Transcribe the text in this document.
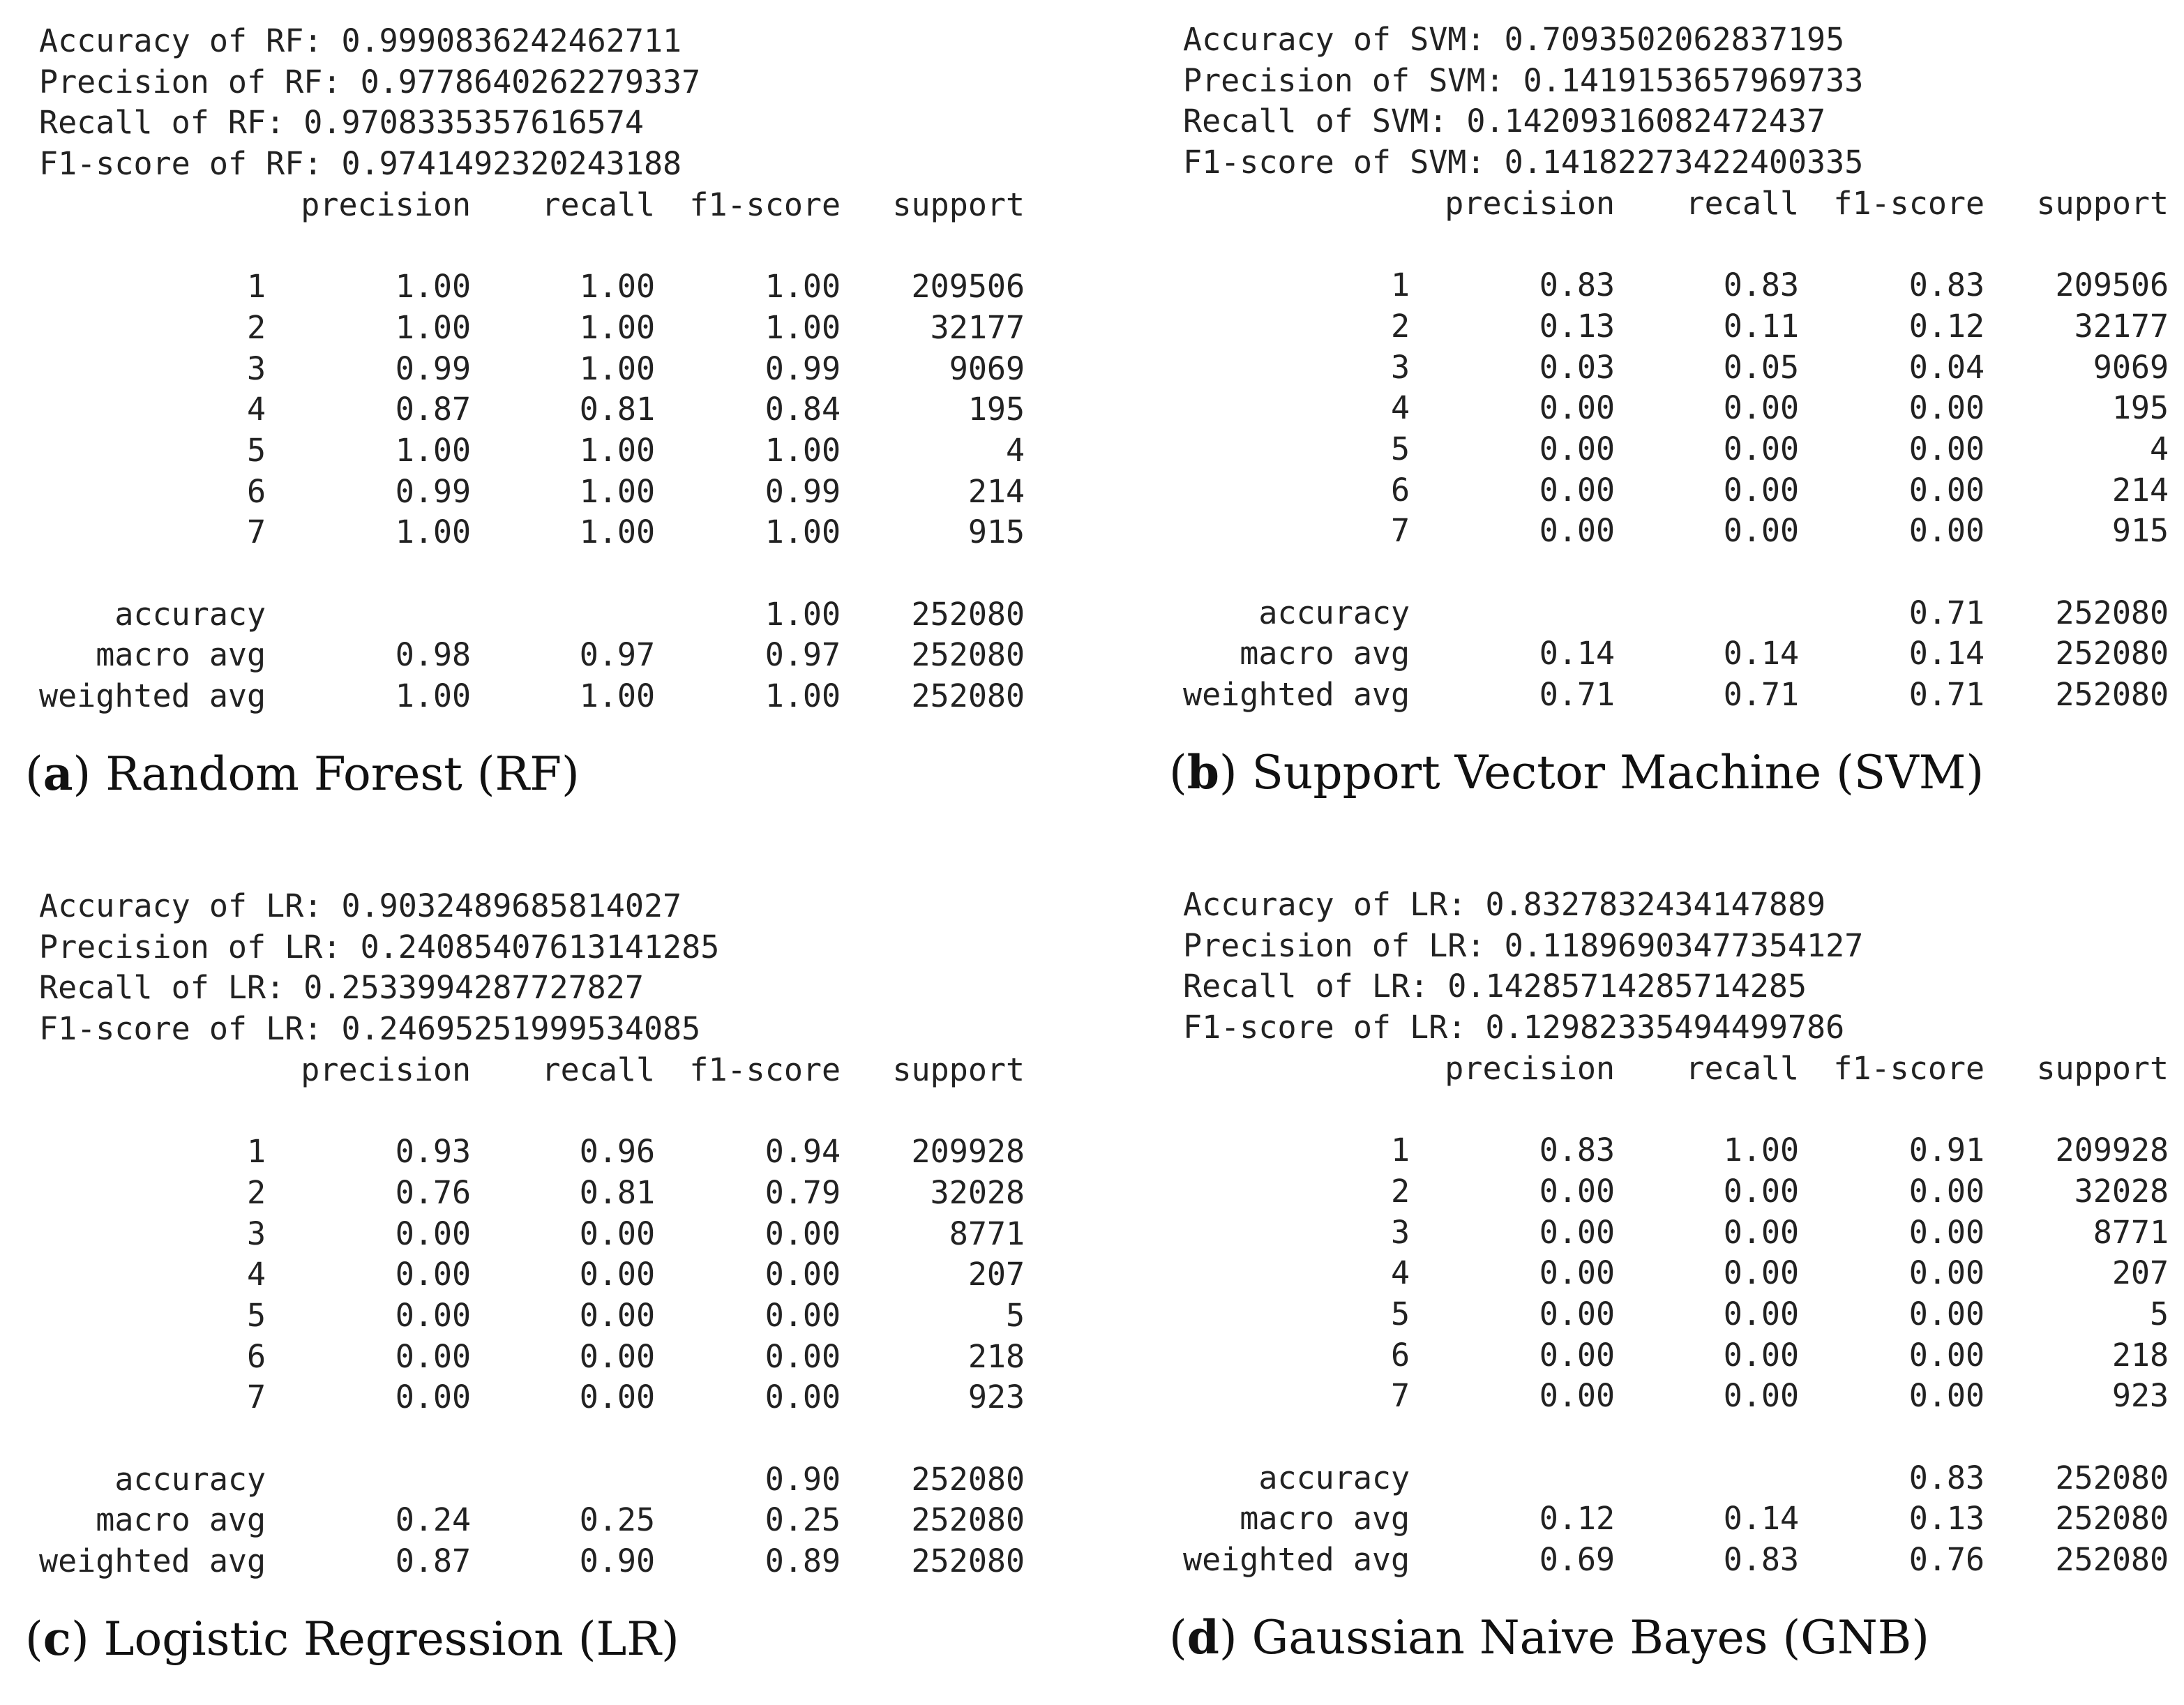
Accuracy of RF: 0.9990836242462711
Precision of RF: 0.9778640262279337
Recall of RF: 0.9708335357616574
F1-score of RF: 0.9741492320243188
	precision	recall	f1-score	support

1	1.00	1.00	1.00	209506
2	1.00	1.00	1.00	32177
3	0.99	1.00	0.99	9069
4	0.87	0.81	0.84	195
5	1.00	1.00	1.00	4
6	0.99	1.00	0.99	214
7	1.00	1.00	1.00	915

accuracy			1.00	252080
macro avg	0.98	0.97	0.97	252080
weighted avg	1.00	1.00	1.00	252080
(a) Random Forest (RF)
Accuracy of SVM: 0.7093502062837195
Precision of SVM: 0.1419153657969733
Recall of SVM: 0.14209316082472437
F1-score of SVM: 0.14182273422400335
	precision	recall	f1-score	support

1	0.83	0.83	0.83	209506
2	0.13	0.11	0.12	32177
3	0.03	0.05	0.04	9069
4	0.00	0.00	0.00	195
5	0.00	0.00	0.00	4
6	0.00	0.00	0.00	214
7	0.00	0.00	0.00	915

accuracy			0.71	252080
macro avg	0.14	0.14	0.14	252080
weighted avg	0.71	0.71	0.71	252080
(b) Support Vector Machine (SVM)
Accuracy of LR: 0.9032489685814027
Precision of LR: 0.24085407613141285
Recall of LR: 0.2533994287727827
F1-score of LR: 0.24695251999534085
	precision	recall	f1-score	support

1	0.93	0.96	0.94	209928
2	0.76	0.81	0.79	32028
3	0.00	0.00	0.00	8771
4	0.00	0.00	0.00	207
5	0.00	0.00	0.00	5
6	0.00	0.00	0.00	218
7	0.00	0.00	0.00	923

accuracy			0.90	252080
macro avg	0.24	0.25	0.25	252080
weighted avg	0.87	0.90	0.89	252080
(c) Logistic Regression (LR)
Accuracy of LR: 0.8327832434147889
Precision of LR: 0.11896903477354127
Recall of LR: 0.14285714285714285
F1-score of LR: 0.12982335494499786
	precision	recall	f1-score	support

1	0.83	1.00	0.91	209928
2	0.00	0.00	0.00	32028
3	0.00	0.00	0.00	8771
4	0.00	0.00	0.00	207
5	0.00	0.00	0.00	5
6	0.00	0.00	0.00	218
7	0.00	0.00	0.00	923

accuracy			0.83	252080
macro avg	0.12	0.14	0.13	252080
weighted avg	0.69	0.83	0.76	252080
(d) Gaussian Naive Bayes (GNB)
